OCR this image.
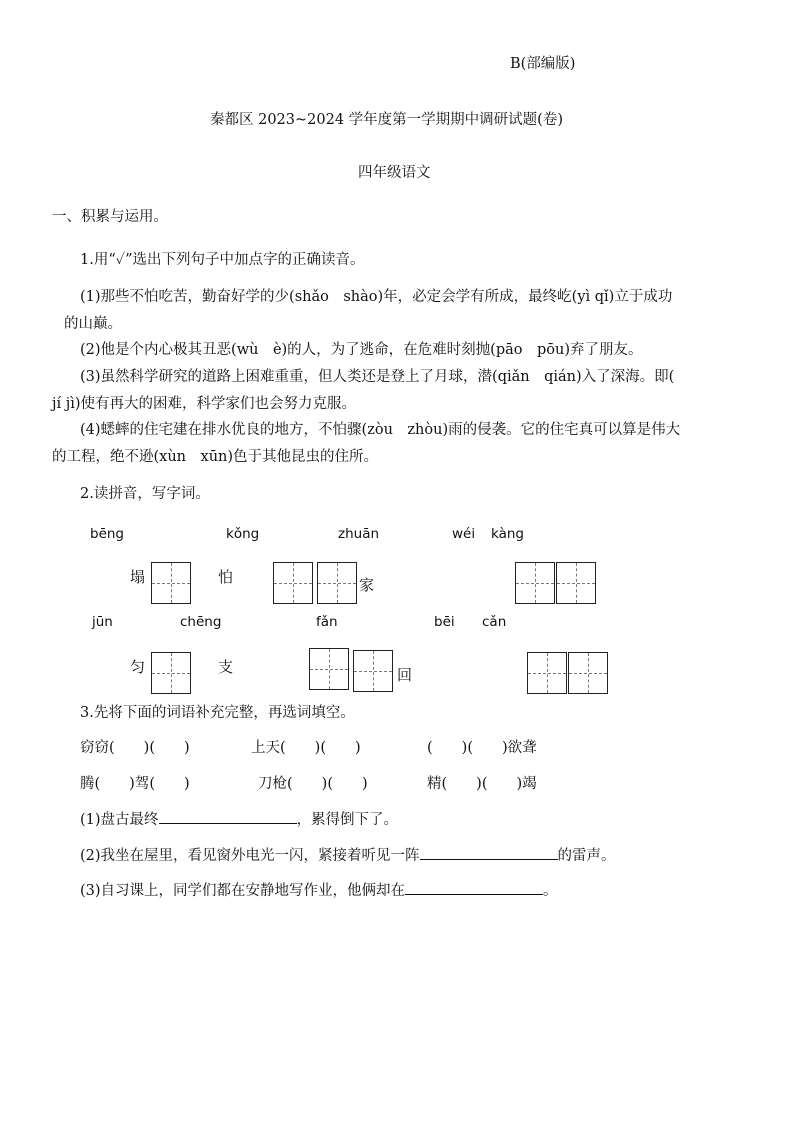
B(部编版)
秦都区 2023~2024 学年度第一学期期中调研试题(卷)
四年级语文
一、积累与运用。
1.用“✓”选出下列句子中加点字的正确读音。
(1)那些不怕吃苦，勤奋好学的少(shǎo　shào)年，必定会学有所成，最终屹(yì qǐ)立于成功
的山巅。
(2)他是个内心极其丑恶(wù　è)的人，为了逃命，在危难时刻抛(pāo　pōu)弃了朋友。
(3)虽然科学研究的道路上困难重重，但人类还是登上了月球，潜(qiǎn　qián)入了深海。即(
jí jì)使有再大的困难，科学家们也会努力克服。
(4)蟋蟀的住宅建在排水优良的地方，不怕骤(zòu　zhòu)雨的侵袭。它的住宅真可以算是伟大
的工程，绝不逊(xùn　xūn)色于其他昆虫的住所。
2.读拼音，写字词。
bēng	kǒng	zhuān	wéi kàng
塌	怕	家
jūn	chēng	fǎn	bēi cǎn
匀	支	回
3.先将下面的词语补充完整，再选词填空。
窃窃(　　)(　　)	上天(　　)(　　)	(　　)(　　)欲聋
腾(　　)驾(　　)	刀枪(　　)(　　)	精(　　)(　　)竭
(1)盘古最终	，累得倒下了。
(2)我坐在屋里，看见窗外电光一闪，紧接着听见一阵	的雷声。
(3)自习课上，同学们都在安静地写作业，他俩却在	。
